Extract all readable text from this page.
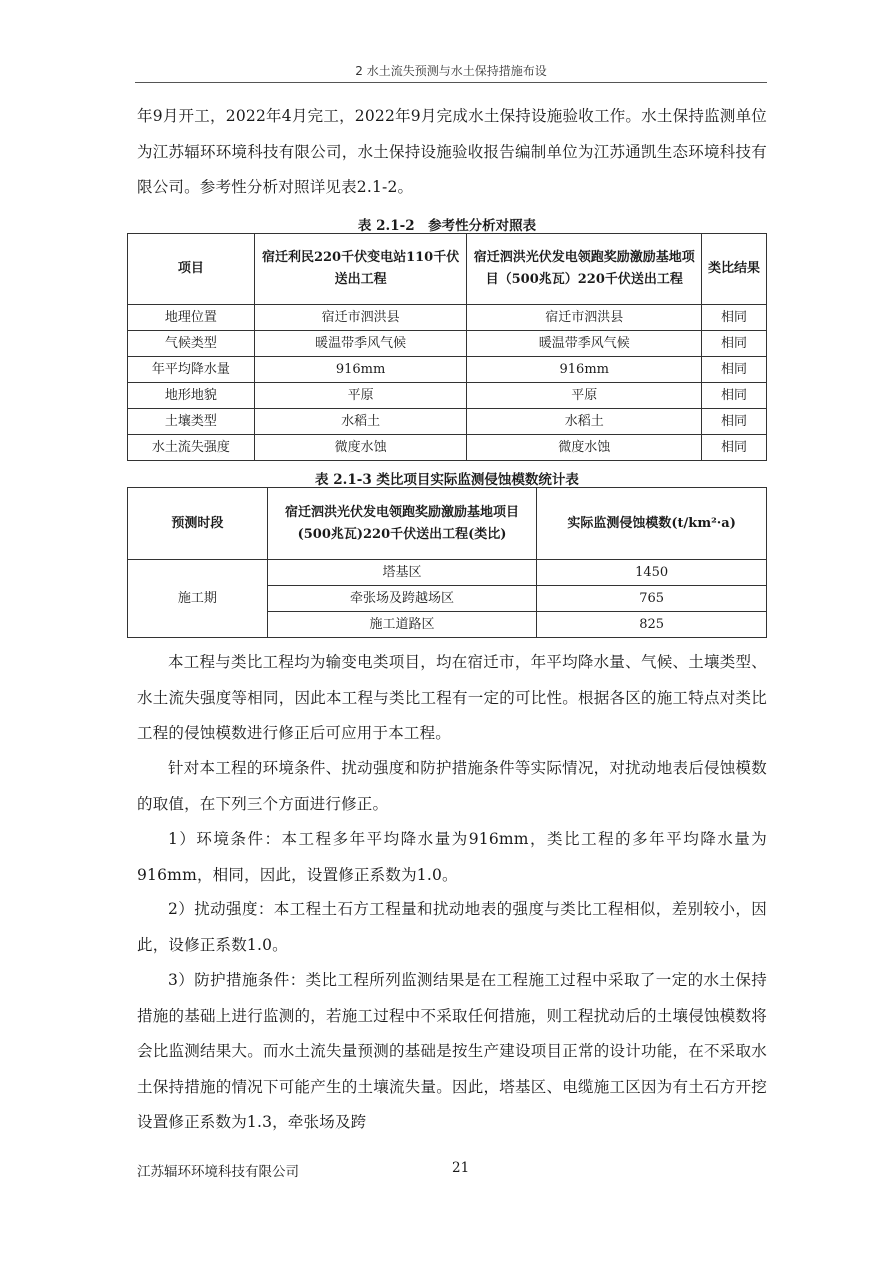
2 水土流失预测与水土保持措施布设
年9月开工，2022年4月完工，2022年9月完成水土保持设施验收工作。水土保持监测单位为江苏辐环环境科技有限公司，水土保持设施验收报告编制单位为江苏通凯生态环境科技有限公司。参考性分析对照详见表2.1-2。
表 2.1-2　参考性分析对照表
项目	宿迁利民220千伏变电站110千伏送出工程	宿迁泗洪光伏发电领跑奖励激励基地项目（500兆瓦）220千伏送出工程	类比结果
地理位置	宿迁市泗洪县	宿迁市泗洪县	相同
气候类型	暖温带季风气候	暖温带季风气候	相同
年平均降水量	916mm	916mm	相同
地形地貌	平原	平原	相同
土壤类型	水稻土	水稻土	相同
水土流失强度	微度水蚀	微度水蚀	相同
表 2.1-3 类比项目实际监测侵蚀模数统计表
预测时段	宿迁泗洪光伏发电领跑奖励激励基地项目(500兆瓦)220千伏送出工程(类比)	实际监测侵蚀模数(t/km²·a)
施工期	塔基区	1450
	牵张场及跨越场区	765
	施工道路区	825
本工程与类比工程均为输变电类项目，均在宿迁市，年平均降水量、气候、土壤类型、水土流失强度等相同，因此本工程与类比工程有一定的可比性。根据各区的施工特点对类比工程的侵蚀模数进行修正后可应用于本工程。
针对本工程的环境条件、扰动强度和防护措施条件等实际情况，对扰动地表后侵蚀模数的取值，在下列三个方面进行修正。
1）环境条件：本工程多年平均降水量为916mm，类比工程的多年平均降水量为916mm，相同，因此，设置修正系数为1.0。
2）扰动强度：本工程土石方工程量和扰动地表的强度与类比工程相似，差别较小，因此，设修正系数1.0。
3）防护措施条件：类比工程所列监测结果是在工程施工过程中采取了一定的水土保持措施的基础上进行监测的，若施工过程中不采取任何措施，则工程扰动后的土壤侵蚀模数将会比监测结果大。而水土流失量预测的基础是按生产建设项目正常的设计功能，在不采取水土保持措施的情况下可能产生的土壤流失量。因此，塔基区、电缆施工区因为有土石方开挖设置修正系数为1.3，牵张场及跨
江苏辐环环境科技有限公司	21
